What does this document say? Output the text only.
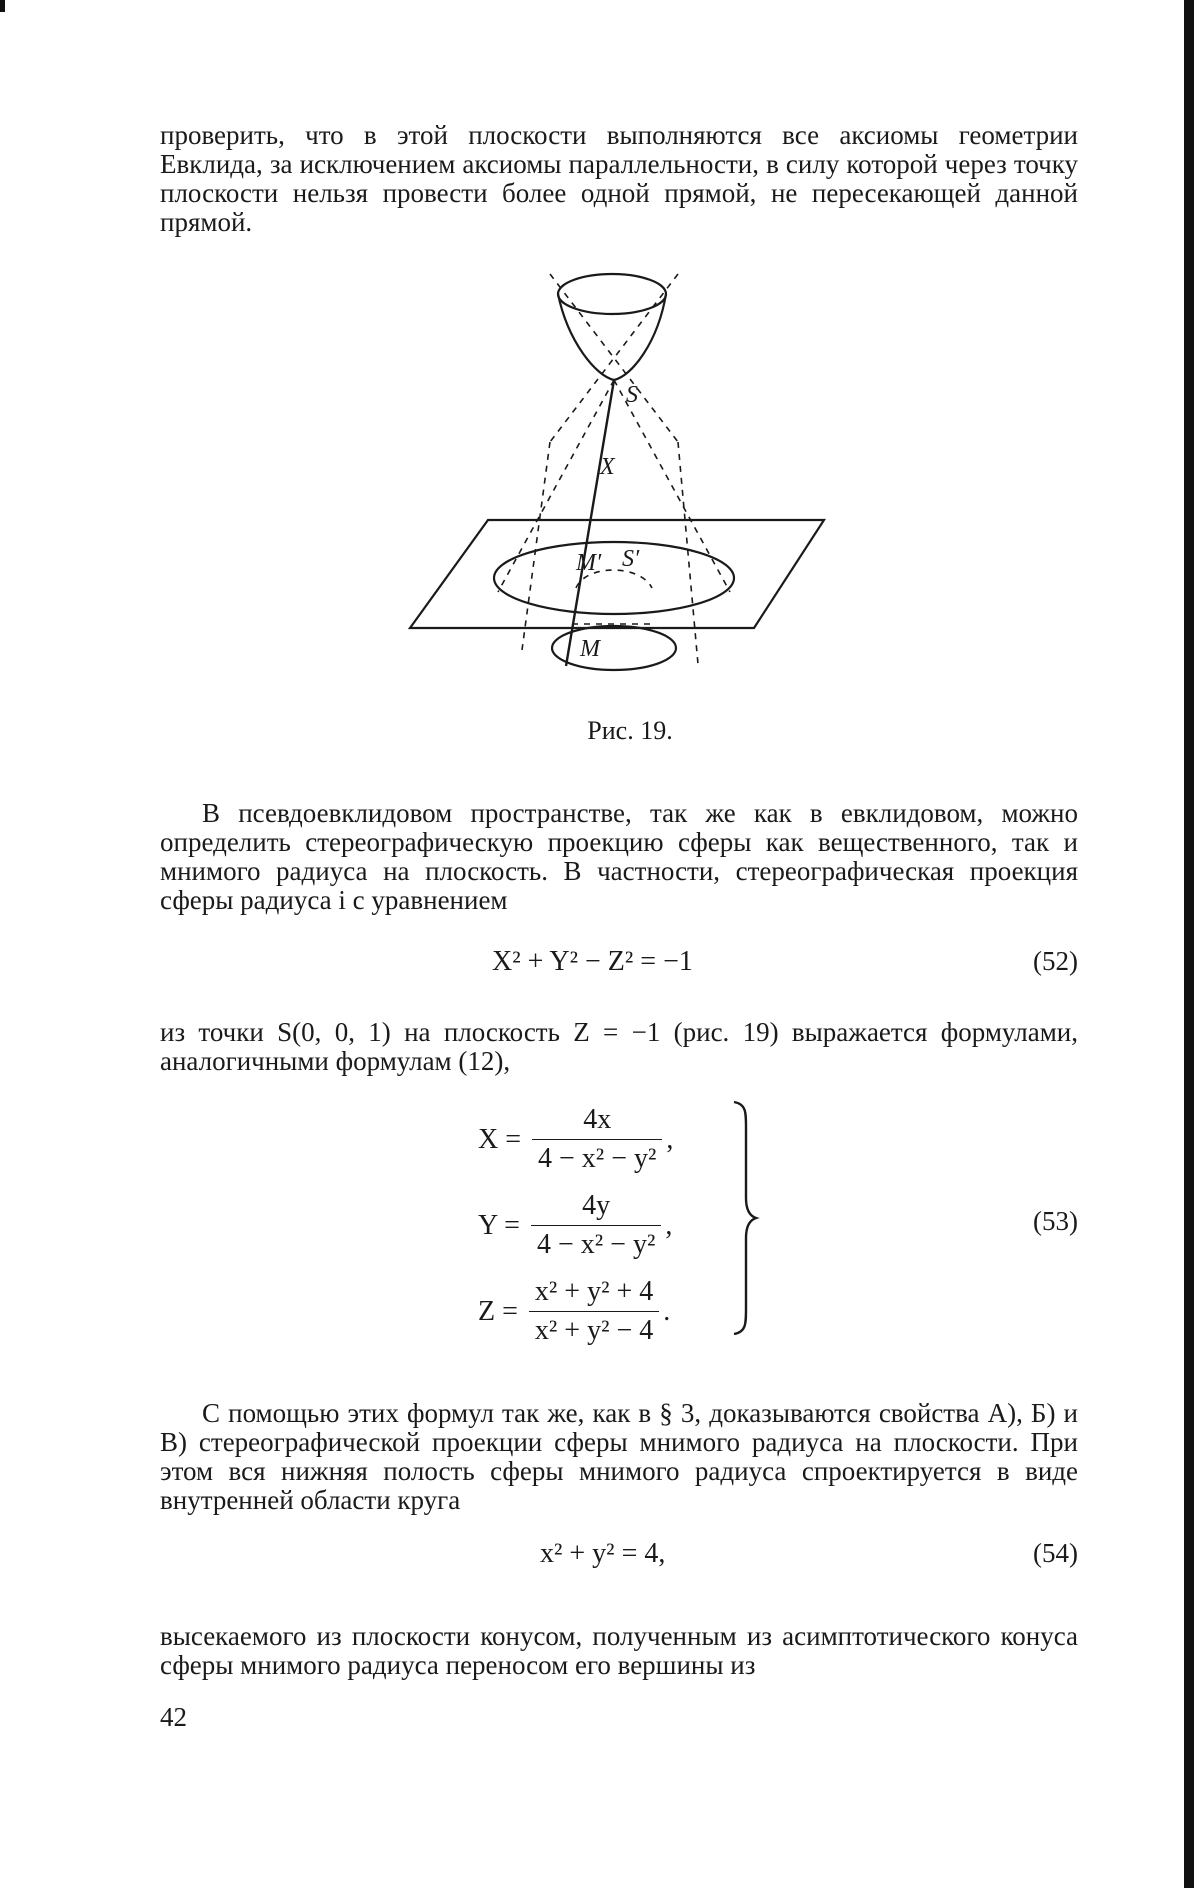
проверить, что в этой плоскости выполняются все аксиомы геометрии Евклида, за исключением аксиомы параллельности, в силу которой через точку плоскости нельзя провести более одной прямой, не пересекающей данной прямой.

S
X
M′ S′
M
Рис. 19.

В псевдоевклидовом пространстве, так же как в евклидовом, можно определить стереографическую проекцию сферы как вещественного, так и мнимого радиуса на плоскость. В частности, стереографическая проекция сферы радиуса i с уравнением

X² + Y² − Z² = −1	(52)

из точки S(0, 0, 1) на плоскость Z = −1 (рис. 19) выражается формулами, аналогичными формулам (12),

$X = \frac{4x}{\text{4 − x² − y²}}$ ,
$Y = \frac{4y}{\text{4 − x² − y²}}$ ,
$Z = \frac{\text{x² + y² + 4}}{\text{x² + y² − 4}}$ .
(53)

С помощью этих формул так же, как в § 3, доказываются свойства А), Б) и В) стереографической проекции сферы мнимого радиуса на плоскости. При этом вся нижняя полость сферы мнимого радиуса спроектируется в виде внутренней области круга

x² + y² = 4,	(54)

высекаемого из плоскости конусом, полученным из асимптотического конуса сферы мнимого радиуса переносом его вершины из

42
